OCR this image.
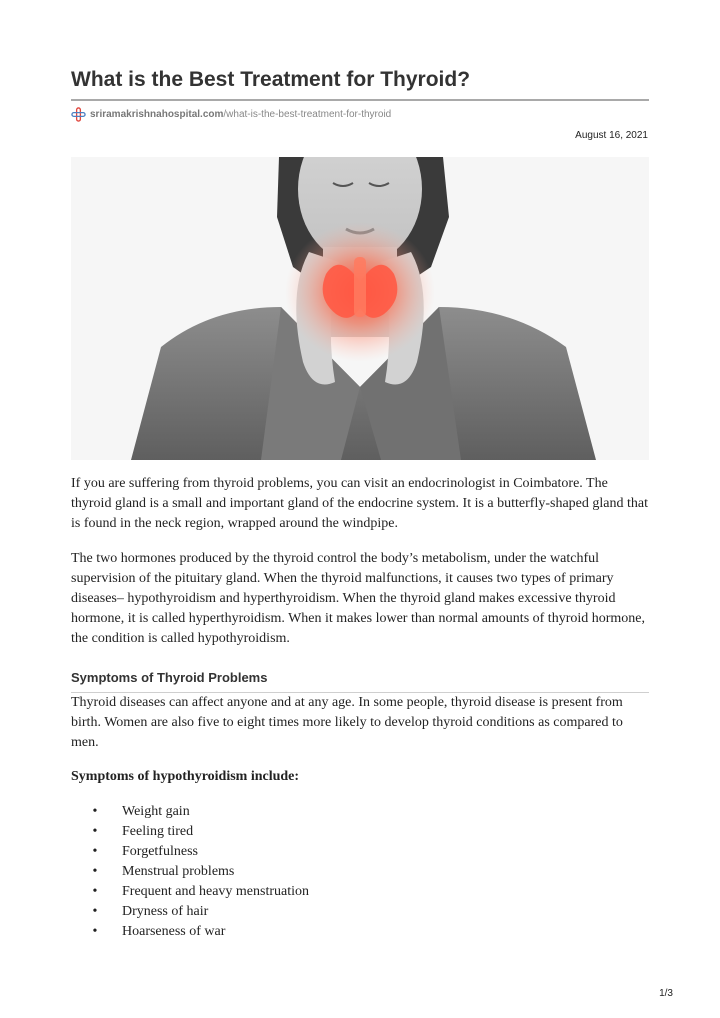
What is the Best Treatment for Thyroid?
sriramakrishnahospital.com /what-is-the-best-treatment-for-thyroid
August 16, 2021

If you are suffering from thyroid problems, you can visit an endocrinologist in Coimbatore. The thyroid gland is a small and important gland of the endocrine system. It is a butterfly-shaped gland that is found in the neck region, wrapped around the windpipe.

The two hormones produced by the thyroid control the body’s metabolism, under the watchful supervision of the pituitary gland. When the thyroid malfunctions, it causes two types of primary diseases– hypothyroidism and hyperthyroidism. When the thyroid gland makes excessive thyroid hormone, it is called hyperthyroidism. When it makes lower than normal amounts of thyroid hormone, the condition is called hypothyroidism.

Symptoms of Thyroid Problems

Thyroid diseases can affect anyone and at any age. In some people, thyroid disease is present from birth. Women are also five to eight times more likely to develop thyroid conditions as compared to men.

Symptoms of hypothyroidism include:

• Weight gain
• Feeling tired
• Forgetfulness
• Menstrual problems
• Frequent and heavy menstruation
• Dryness of hair
• Hoarseness of war
1/3
